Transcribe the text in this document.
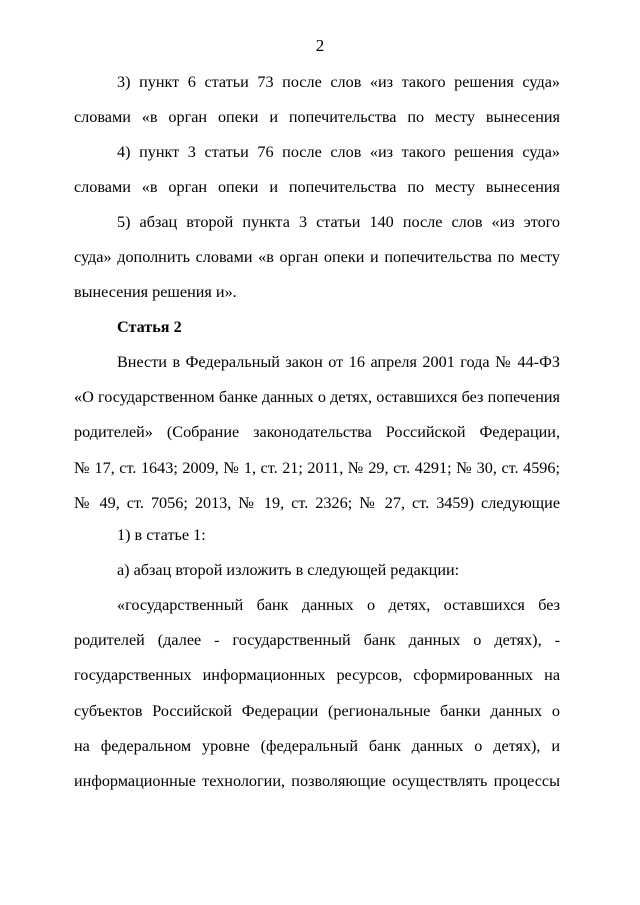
2
3) пункт 6 статьи 73 после слов «из такого решения суда»
словами «в орган опеки и попечительства по месту вынесения
4) пункт 3 статьи 76 после слов «из такого решения суда»
словами «в орган опеки и попечительства по месту вынесения
5) абзац второй пункта 3 статьи 140 после слов «из этого
суда» дополнить словами «в орган опеки и попечительства по месту
вынесения решения и».
Статья 2
Внести в Федеральный закон от 16 апреля 2001 года № 44-ФЗ
«О государственном банке данных о детях, оставшихся без попечения
родителей» (Собрание законодательства Российской Федерации,
№ 17, ст. 1643; 2009, № 1, ст. 21; 2011, № 29, ст. 4291; № 30, ст. 4596;
№ 49, ст. 7056; 2013, № 19, ст. 2326; № 27, ст. 3459) следующие
1) в статье 1:
а) абзац второй изложить в следующей редакции:
«государственный банк данных о детях, оставшихся без
родителей (далее - государственный банк данных о детях), -
государственных информационных ресурсов, сформированных на
субъектов Российской Федерации (региональные банки данных о
на федеральном уровне (федеральный банк данных о детях), и
информационные технологии, позволяющие осуществлять процессы
